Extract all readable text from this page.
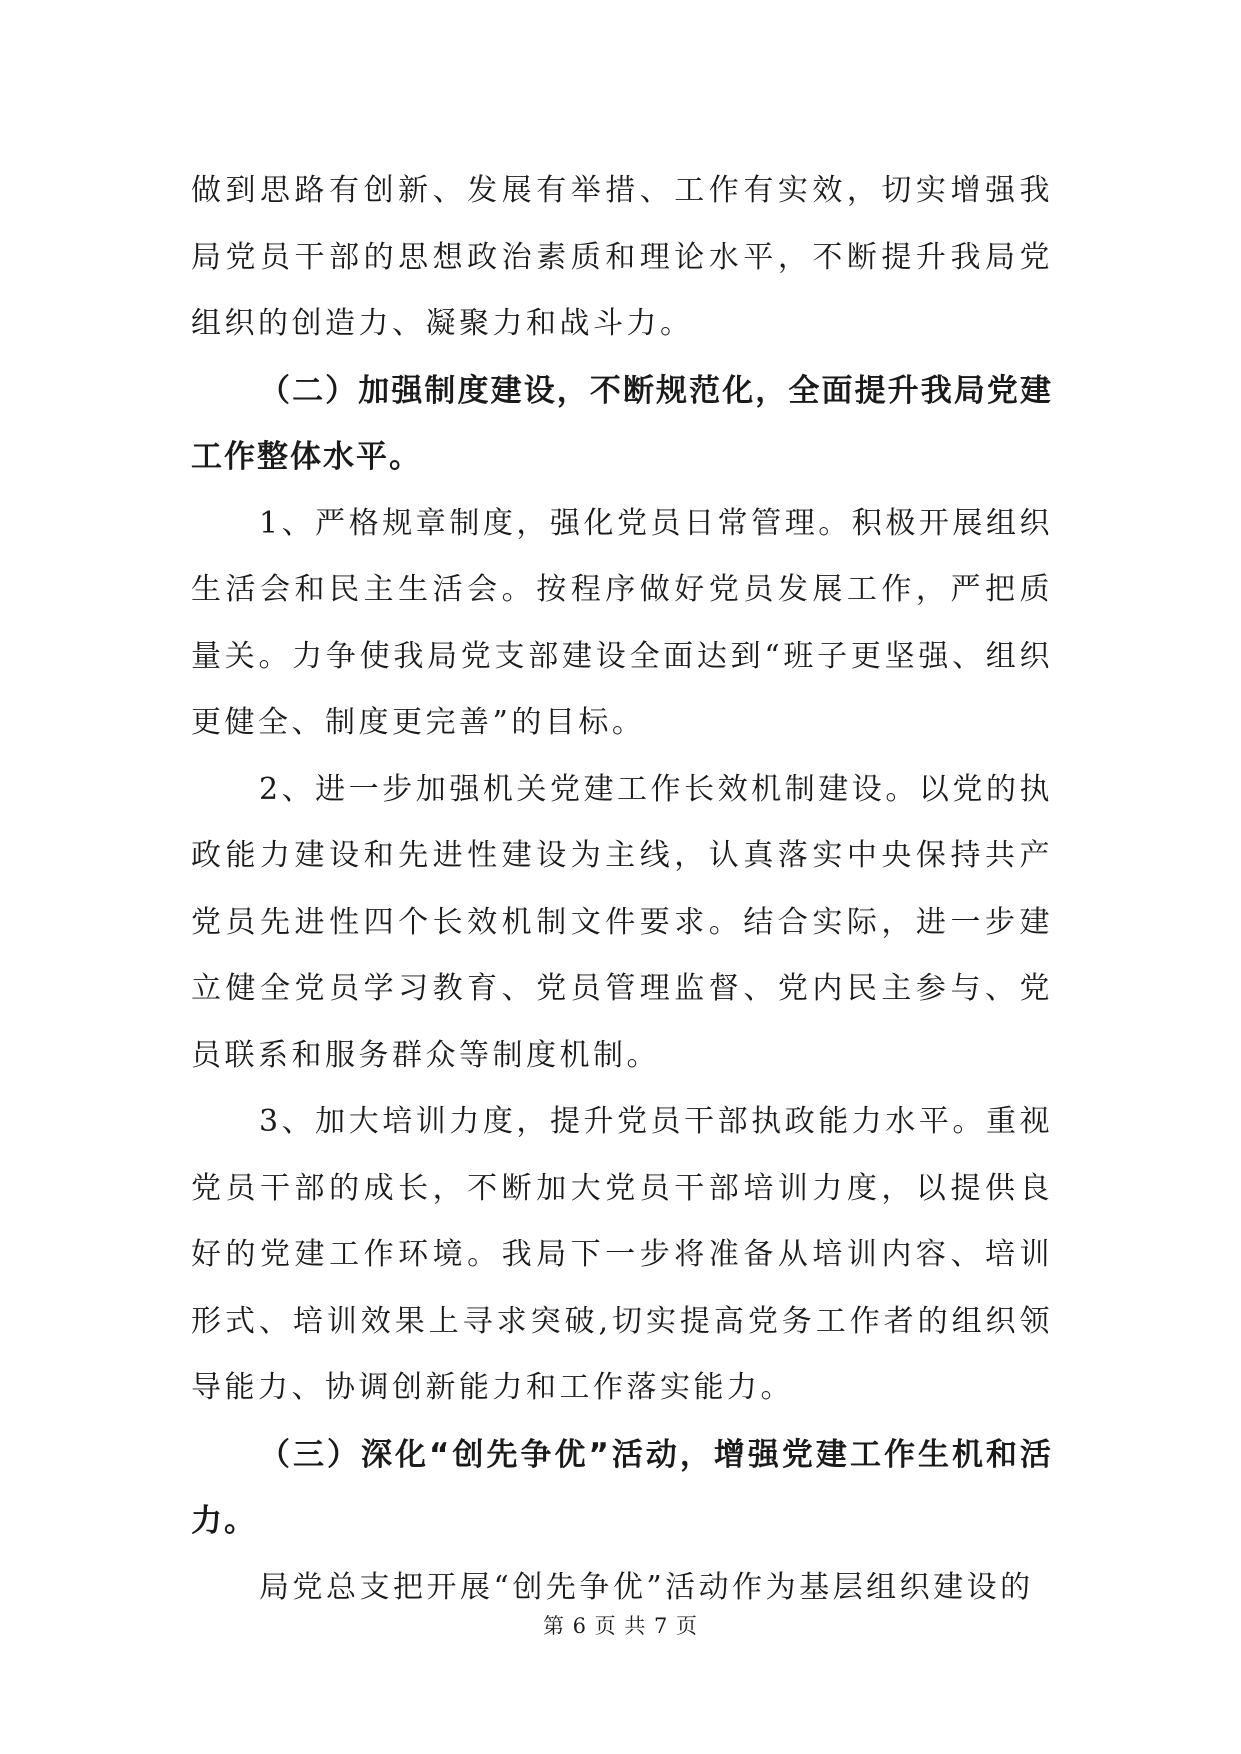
做到思路有创新、发展有举措、工作有实效，切实增强我局党员干部的思想政治素质和理论水平，不断提升我局党组织的创造力、凝聚力和战斗力。

（二）加强制度建设，不断规范化，全面提升我局党建工作整体水平。

1、严格规章制度，强化党员日常管理。积极开展组织生活会和民主生活会。按程序做好党员发展工作，严把质量关。力争使我局党支部建设全面达到“班子更坚强、组织更健全、制度更完善”的目标。

2、进一步加强机关党建工作长效机制建设。以党的执政能力建设和先进性建设为主线，认真落实中央保持共产党员先进性四个长效机制文件要求。结合实际，进一步建立健全党员学习教育、党员管理监督、党内民主参与、党员联系和服务群众等制度机制。

3、加大培训力度，提升党员干部执政能力水平。重视党员干部的成长，不断加大党员干部培训力度，以提供良好的党建工作环境。我局下一步将准备从培训内容、培训形式、培训效果上寻求突破,切实提高党务工作者的组织领导能力、协调创新能力和工作落实能力。

（三）深化“创先争优”活动，增强党建工作生机和活力。

局党总支把开展“创先争优”活动作为基层组织建设的

第 6 页 共 7 页
